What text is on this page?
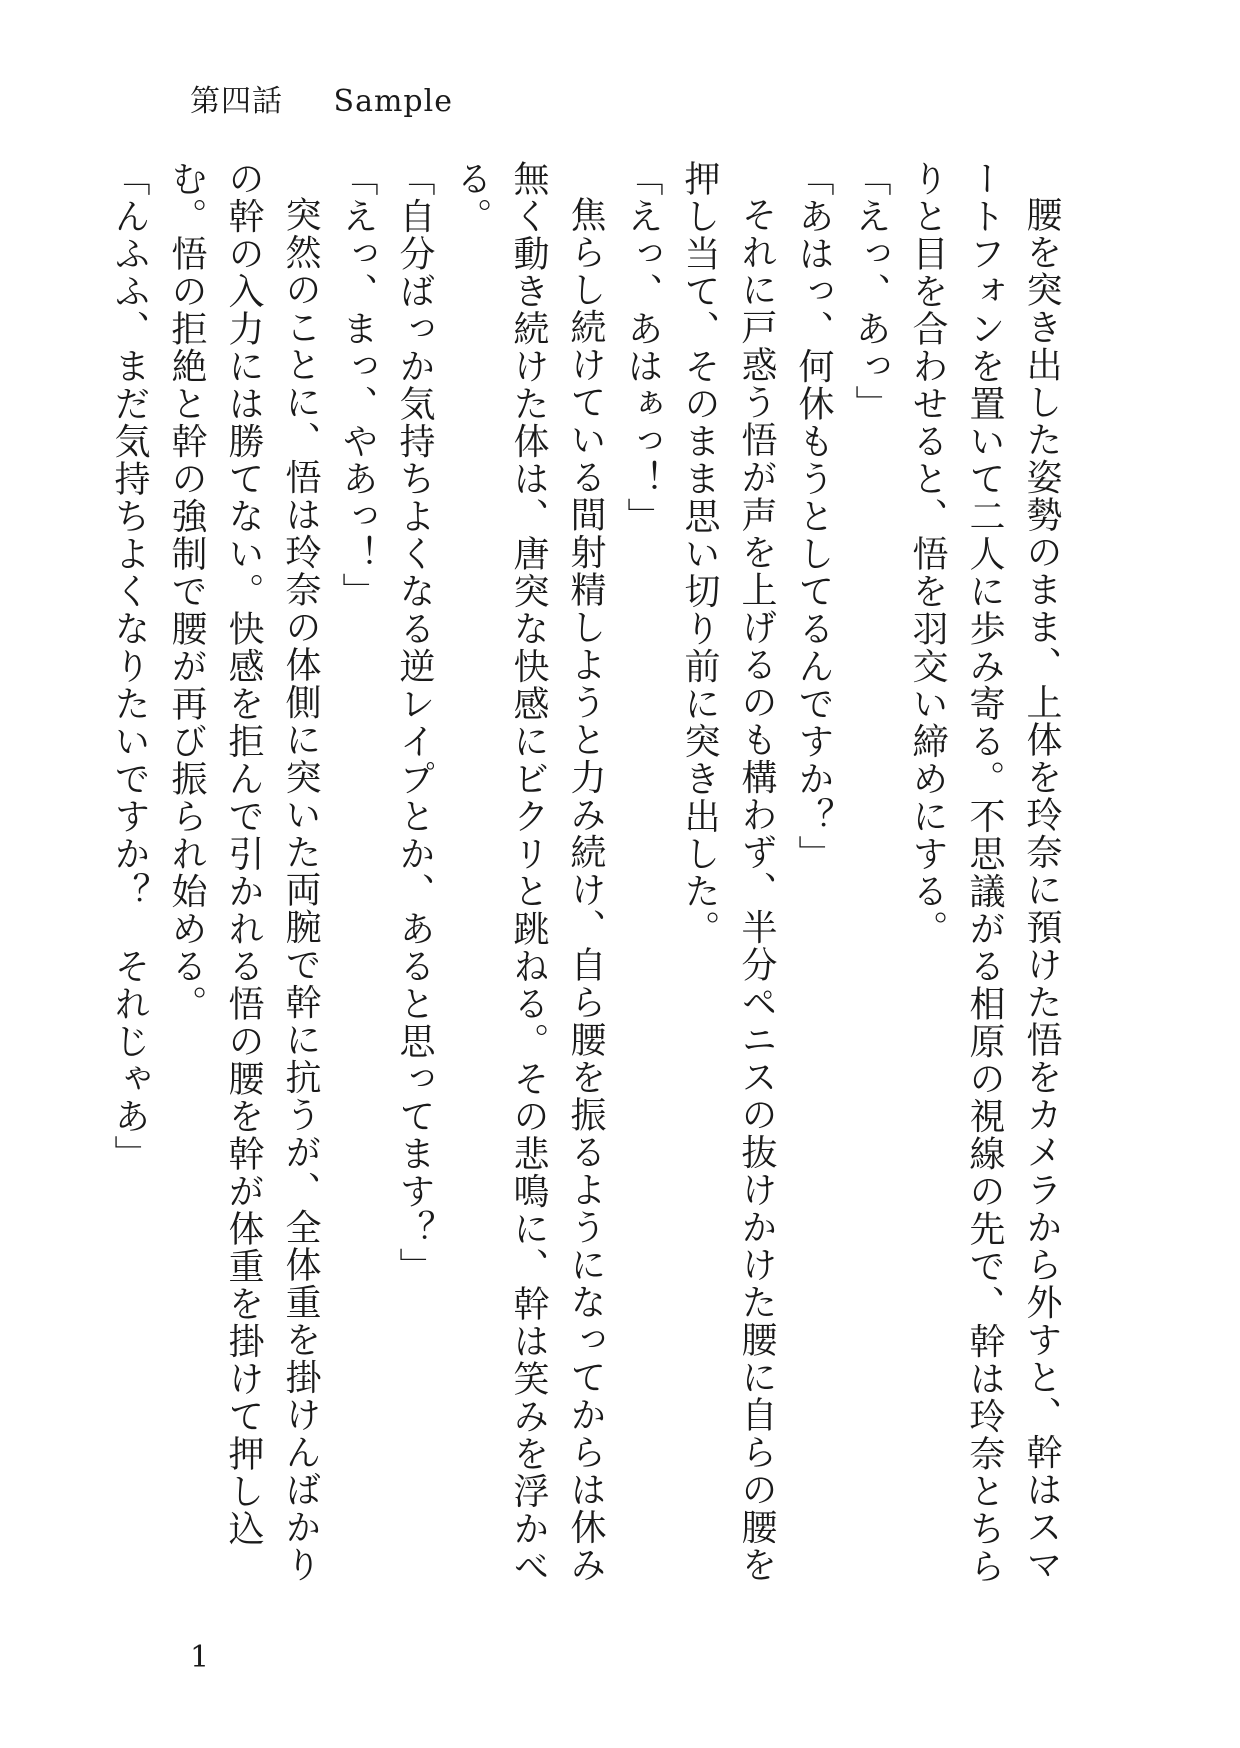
第四話 Sample

腰を突き出した姿勢のまま、上体を玲奈に預けた悟をカメラから外すと、幹はスマートフォンを置いて二人に歩み寄る。不思議がる相原の視線の先で、幹は玲奈とちらりと目を合わせると、悟を羽交い締めにする。

「えっ、あっ」

「あはっ、何休もうとしてるんですか？」

それに戸惑う悟が声を上げるのも構わず、半分ペニスの抜けかけた腰に自らの腰を押し当て、そのまま思い切り前に突き出した。

「えっ、あはぁっ！」

焦らし続けている間射精しようと力み続け、自ら腰を振るようになってからは休み無く動き続けた体は、唐突な快感にビクリと跳ねる。その悲鳴に、幹は笑みを浮かべる。

「自分ばっか気持ちよくなる逆レイプとか、あると思ってます？」

「えっ、まっ、やあっ！」

突然のことに、悟は玲奈の体側に突いた両腕で幹に抗うが、全体重を掛けんばかりの幹の入力には勝てない。快感を拒んで引かれる悟の腰を幹が体重を掛けて押し込む。悟の拒絶と幹の強制で腰が再び振られ始める。

「んふふ、まだ気持ちよくなりたいですか？　それじゃあ」

1
